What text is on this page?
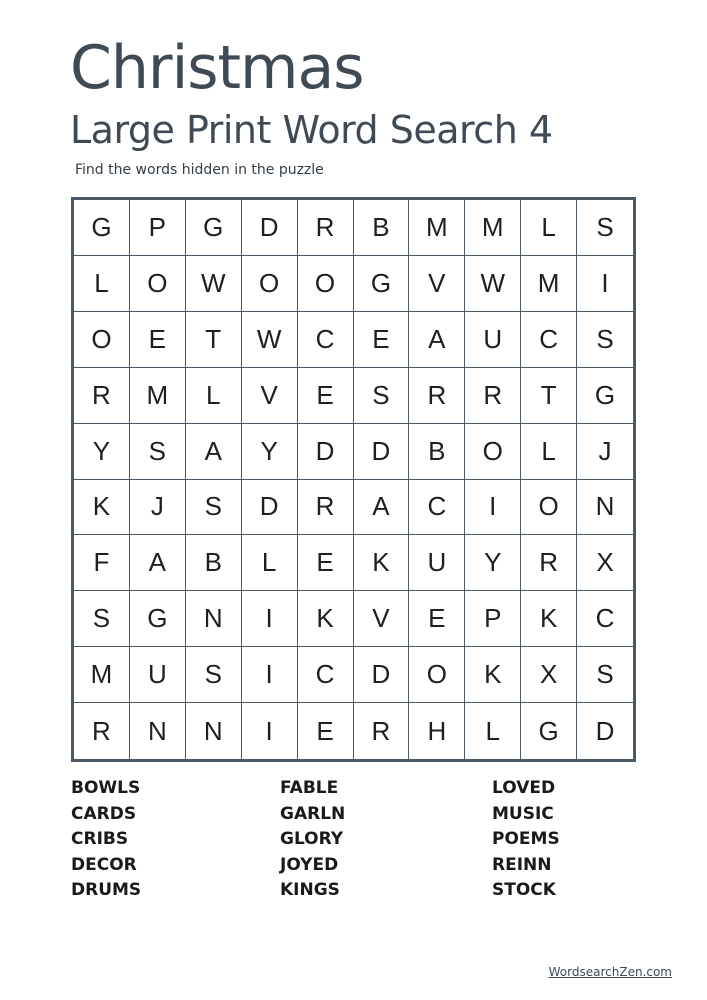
Christmas
Large Print Word Search 4

Find the words hidden in the puzzle

G	P	G	D	R	B	M	M	L	S
L	O	W	O	O	G	V	W	M	I
O	E	T	W	C	E	A	U	C	S
R	M	L	V	E	S	R	R	T	G
Y	S	A	Y	D	D	B	O	L	J
K	J	S	D	R	A	C	I	O	N
F	A	B	L	E	K	U	Y	R	X
S	G	N	I	K	V	E	P	K	C
M	U	S	I	C	D	O	K	X	S
R	N	N	I	E	R	H	L	G	D
BOWLS
CARDS
CRIBS
DECOR
DRUMS
FABLE
GARLN
GLORY
JOYED
KINGS
LOVED
MUSIC
POEMS
REINN
STOCK
WordsearchZen.com
